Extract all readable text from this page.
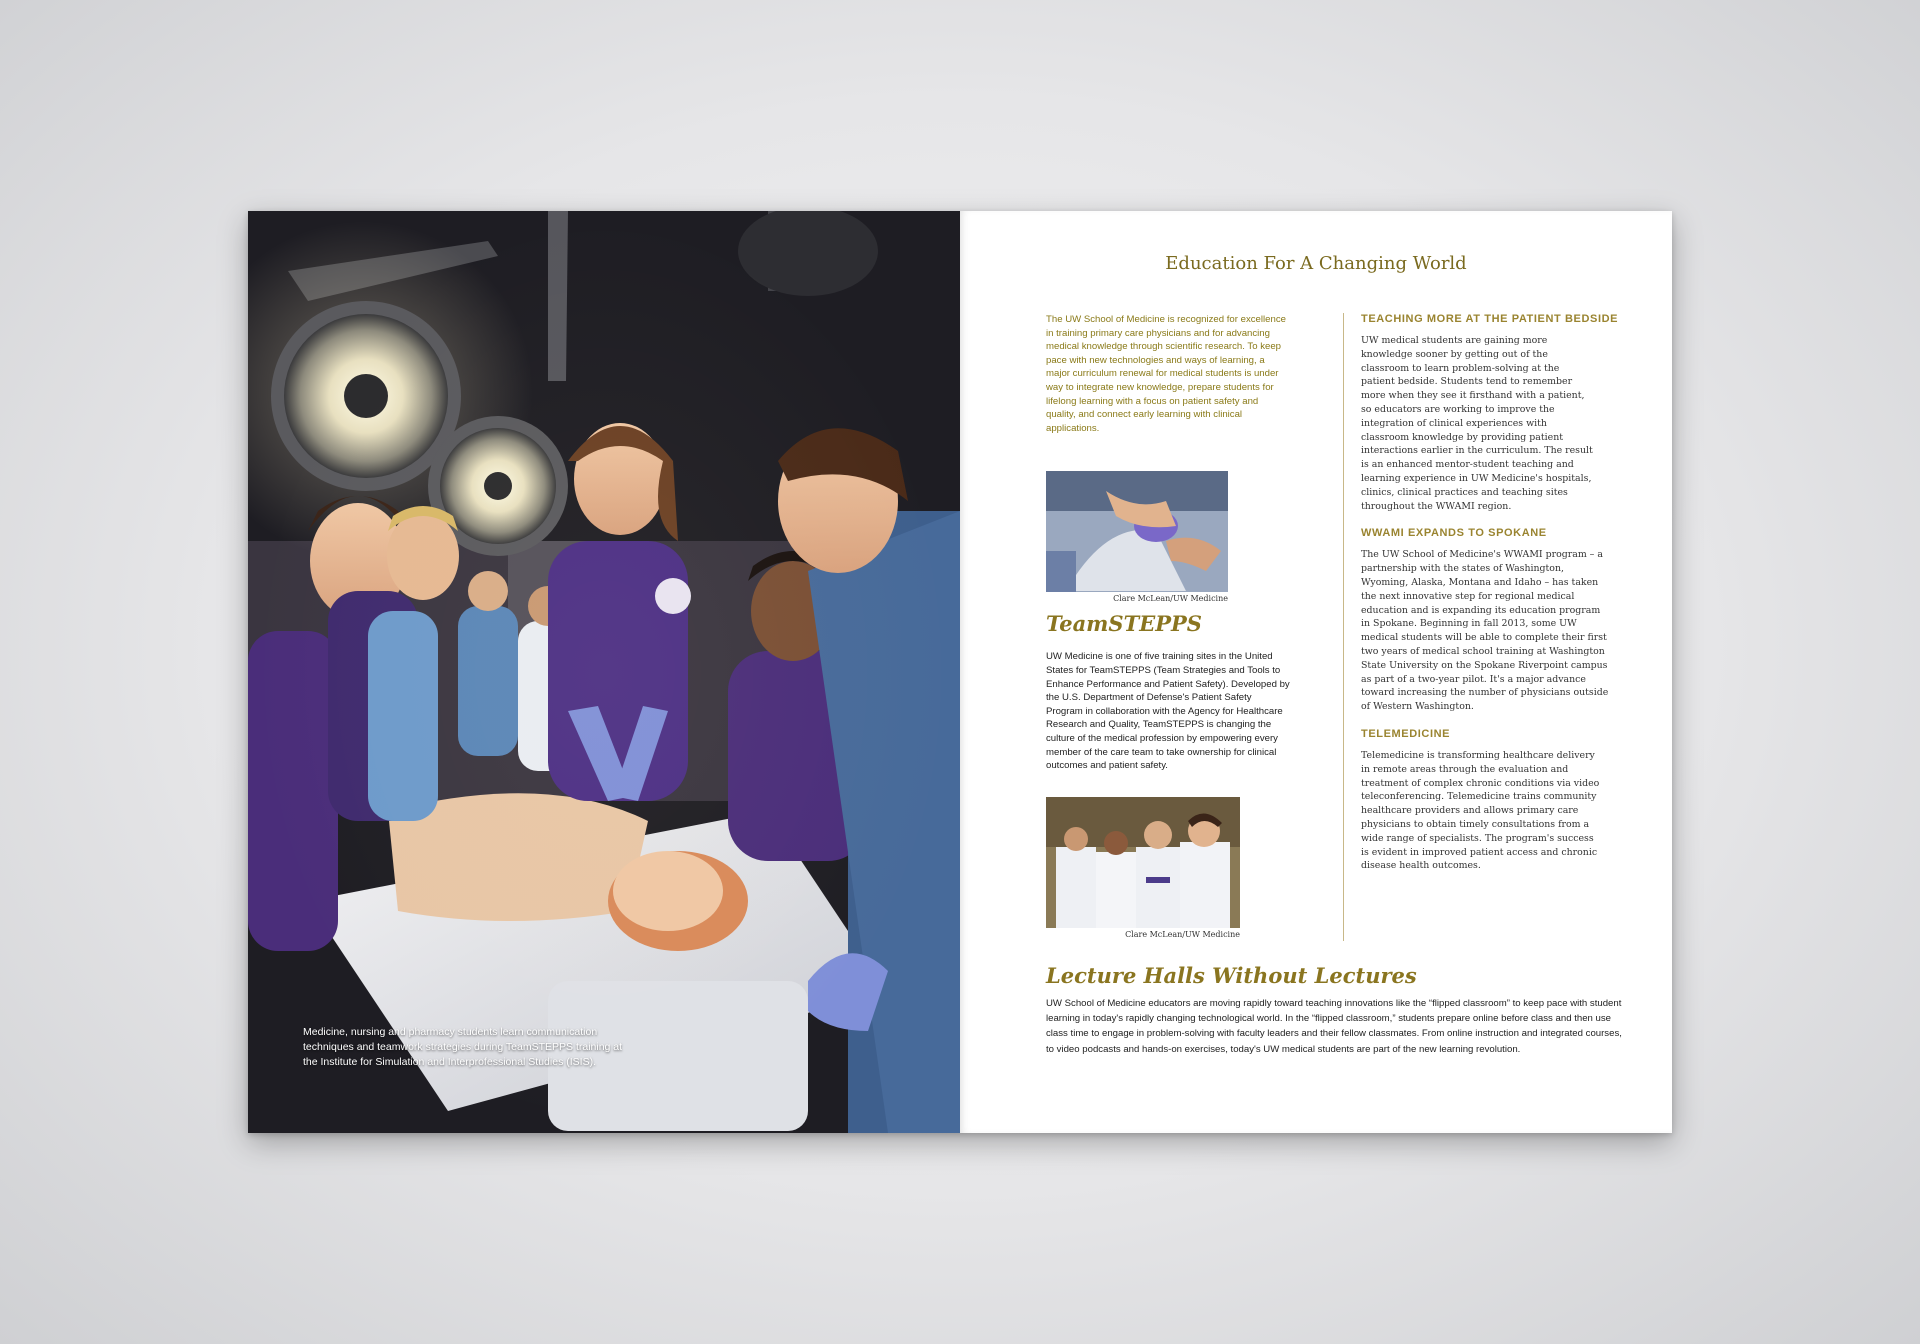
Medicine, nursing and pharmacy students learn communication techniques and teamwork strategies during TeamSTEPPS training at the Institute for Simulation and Interprofessional Studies (ISIS).
Education For A Changing World

The UW School of Medicine is recognized for excellence in training primary care physicians and for advancing medical knowledge through scientific research. To keep pace with new technologies and ways of learning, a major curriculum renewal for medical students is under way to integrate new knowledge, prepare students for lifelong learning with a focus on patient safety and quality, and connect early learning with clinical applications.

Clare McLean/UW Medicine
TeamSTEPPS

UW Medicine is one of five training sites in the United States for TeamSTEPPS (Team Strategies and Tools to Enhance Performance and Patient Safety). Developed by the U.S. Department of Defense's Patient Safety Program in collaboration with the Agency for Healthcare Research and Quality, TeamSTEPPS is changing the culture of the medical profession by empowering every member of the care team to take ownership for clinical outcomes and patient safety.

Clare McLean/UW Medicine
TEACHING MORE AT THE PATIENT BEDSIDE

UW medical students are gaining more knowledge sooner by getting out of the classroom to learn problem-solving at the patient bedside. Students tend to remember more when they see it firsthand with a patient, so educators are working to improve the integration of clinical experiences with classroom knowledge by providing patient interactions earlier in the curriculum. The result is an enhanced mentor-student teaching and learning experience in UW Medicine's hospitals, clinics, clinical practices and teaching sites throughout the WWAMI region.

WWAMI EXPANDS TO SPOKANE

The UW School of Medicine's WWAMI program – a partnership with the states of Washington, Wyoming, Alaska, Montana and Idaho – has taken the next innovative step for regional medical education and is expanding its education program in Spokane. Beginning in fall 2013, some UW medical students will be able to complete their first two years of medical school training at Washington State University on the Spokane Riverpoint campus as part of a two-year pilot. It's a major advance toward increasing the number of physicians outside of Western Washington.

TELEMEDICINE

Telemedicine is transforming healthcare delivery in remote areas through the evaluation and treatment of complex chronic conditions via video teleconferencing. Telemedicine trains community healthcare providers and allows primary care physicians to obtain timely consultations from a wide range of specialists. The program's success is evident in improved patient access and chronic disease health outcomes.

Lecture Halls Without Lectures

UW School of Medicine educators are moving rapidly toward teaching innovations like the “flipped classroom” to keep pace with student learning in today's rapidly changing technological world. In the “flipped classroom,” students prepare online before class and then use class time to engage in problem-solving with faculty leaders and their fellow classmates. From online instruction and integrated courses, to video podcasts and hands-on exercises, today's UW medical students are part of the new learning revolution.
